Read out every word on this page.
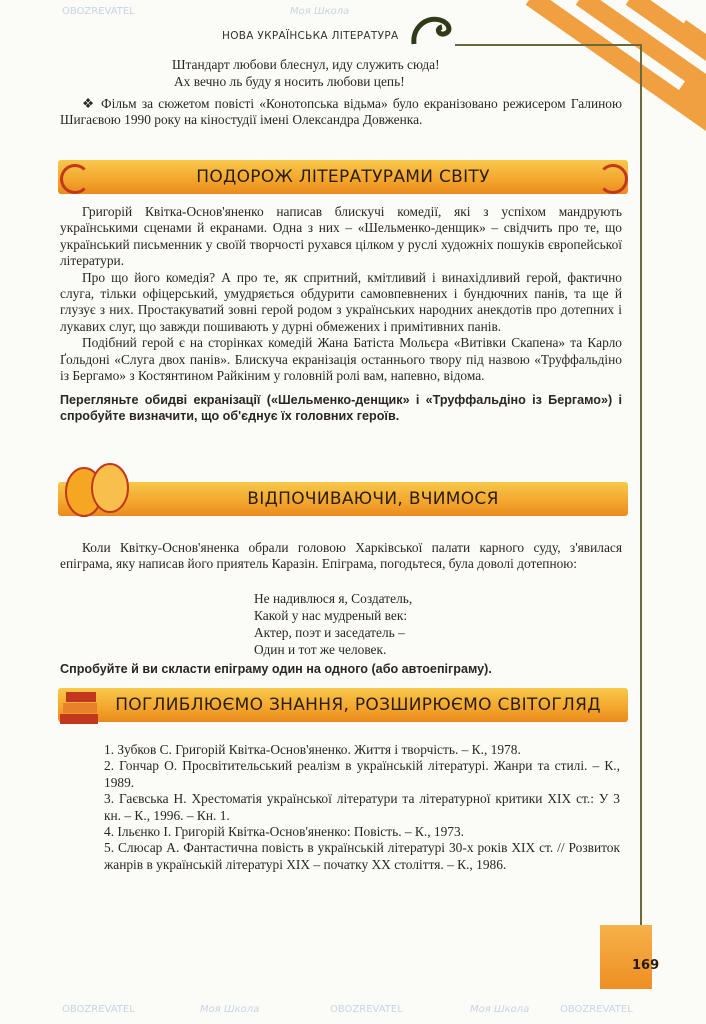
НОВА УКРАЇНСЬКА ЛІТЕРАТУРА
Штандарт любови блеснул, иду служить сюда!
Ах вечно ль буду я носить любови цепь!

❖ Фільм за сюжетом повісті «Конотопська відьма» було екранізовано режисером Галиною Шигаєвою 1990 року на кіностудії імені Олександра Довженка.

ПОДОРОЖ ЛІТЕРАТУРАМИ СВІТУ

Григорій Квітка-Основ'яненко написав блискучі комедії, які з успіхом мандрують українськими сценами й екранами. Одна з них – «Шельменко-денщик» – свідчить про те, що український письменник у своїй творчості рухався цілком у руслі художніх пошуків європейської літератури.

Про що його комедія? А про те, як спритний, кмітливий і винахідливий герой, фактично слуга, тільки офіцерський, умудряється обдурити самовпевнених і бундючних панів, та ще й глузує з них. Простакуватий зовні герой родом з українських народних анекдотів про дотепних і лукавих слуг, що завжди пошивають у дурні обмежених і примітивних панів.

Подібний герой є на сторінках комедій Жана Батіста Мольєра «Витівки Скапена» та Карло Ґольдоні «Слуга двох панів». Блискуча екранізація останнього твору під назвою «Труффальдіно із Бергамо» з Костянтином Райкіним у головній ролі вам, напевно, відома.

Перегляньте обидві екранізації («Шельменко-денщик» і «Труффальдіно із Бергамо») і спробуйте визначити, що об'єднує їх головних героїв.

ВІДПОЧИВАЮЧИ, ВЧИМОСЯ

Коли Квітку-Основ'яненка обрали головою Харківської палати карного суду, з'явилася епіграма, яку написав його приятель Каразін. Епіграма, погодьтеся, була доволі дотепною:

Не надивлюся я, Создатель,
Какой у нас мудреный век:
Актер, поэт и заседатель –
Один и тот же человек.
Спробуйте й ви скласти епіграму один на одного (або автоепіграму).
ПОГЛИБЛЮЄМО ЗНАННЯ, РОЗШИРЮЄМО СВІТОГЛЯД
1. Зубков С. Григорій Квітка-Основ'яненко. Життя і творчість. – К., 1978.
2. Гончар О. Просвітительський реалізм в українській літературі. Жанри та стилі. – К., 1989.
3. Гаєвська Н. Хрестоматія української літератури та літературної критики XIX ст.: У 3 кн. – К., 1996. – Кн. 1.
4. Ільєнко І. Григорій Квітка-Основ'яненко: Повість. – К., 1973.
5. Слюсар А. Фантастична повість в українській літературі 30-х років XIX ст. // Розвиток жанрів в українській літературі XIX – початку XX століття. – К., 1986.
169
OBOZREVATEL	Моя Школа
OBOZREVATEL	Моя Школа	OBOZREVATEL	Моя Школа	OBOZREVATEL
